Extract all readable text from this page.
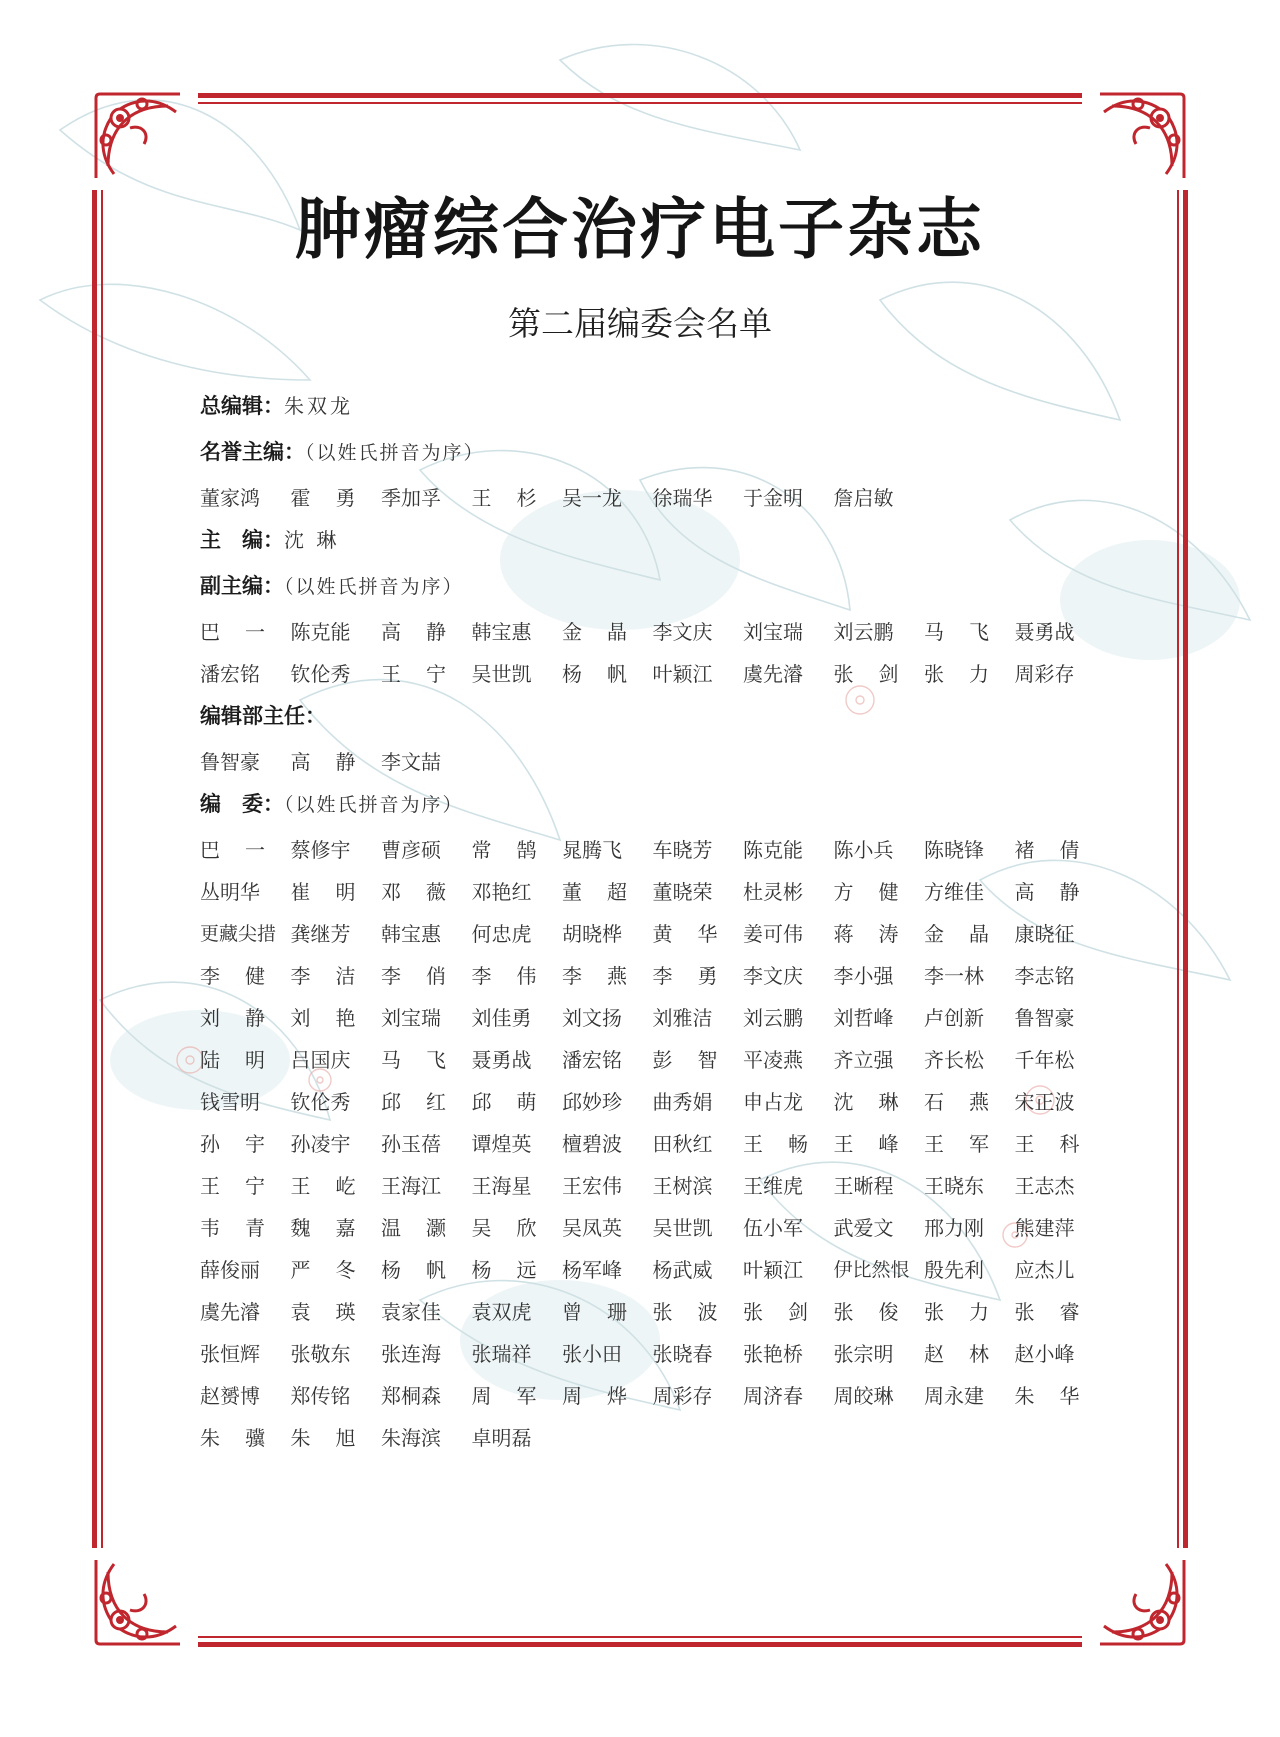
肿瘤综合治疗电子杂志
第二届编委会名单
总编辑：朱双龙
名誉主编：（以姓氏拼音为序）
董家鸿 霍 勇 季加孚 王 杉 吴一龙 徐瑞华 于金明 詹启敏
主　编：沈 琳
副主编：（以姓氏拼音为序）
巴 一 陈克能 高 静 韩宝惠 金 晶 李文庆 刘宝瑞 刘云鹏 马 飞 聂勇战
潘宏铭 钦伦秀 王 宁 吴世凯 杨 帆 叶颖江 虞先濬 张 剑 张 力 周彩存
编辑部主任：
鲁智豪 高 静 李文喆
编　委：（以姓氏拼音为序）
巴 一 蔡修宇 曹彦硕 常 鹄 晁腾飞 车晓芳 陈克能 陈小兵 陈晓锋 褚 倩
丛明华 崔 明 邓 薇 邓艳红 董 超 董晓荣 杜灵彬 方 健 方维佳 高 静
更藏尖措 龚继芳 韩宝惠 何忠虎 胡晓桦 黄 华 姜可伟 蒋 涛 金 晶 康晓征
李 健 李 洁 李 俏 李 伟 李 燕 李 勇 李文庆 李小强 李一林 李志铭
刘 静 刘 艳 刘宝瑞 刘佳勇 刘文扬 刘雅洁 刘云鹏 刘哲峰 卢创新 鲁智豪
陆 明 吕国庆 马 飞 聂勇战 潘宏铭 彭 智 平凌燕 齐立强 齐长松 千年松
钱雪明 钦伦秀 邱 红 邱 萌 邱妙珍 曲秀娟 申占龙 沈 琳 石 燕 宋正波
孙 宇 孙凌宇 孙玉蓓 谭煌英 檀碧波 田秋红 王 畅 王 峰 王 军 王 科
王 宁 王 屹 王海江 王海星 王宏伟 王树滨 王维虎 王晰程 王晓东 王志杰
韦 青 魏 嘉 温 灏 吴 欣 吴凤英 吴世凯 伍小军 武爱文 邢力刚 熊建萍
薛俊丽 严 冬 杨 帆 杨 远 杨军峰 杨武威 叶颖江 伊比然恨 殷先利 应杰儿
虞先濬 袁 瑛 袁家佳 袁双虎 曾 珊 张 波 张 剑 张 俊 张 力 张 睿
张恒辉 张敬东 张连海 张瑞祥 张小田 张晓春 张艳桥 张宗明 赵 林 赵小峰
赵赟博 郑传铭 郑桐森 周 军 周 烨 周彩存 周济春 周皎琳 周永建 朱 华
朱 骥 朱 旭 朱海滨 卓明磊
